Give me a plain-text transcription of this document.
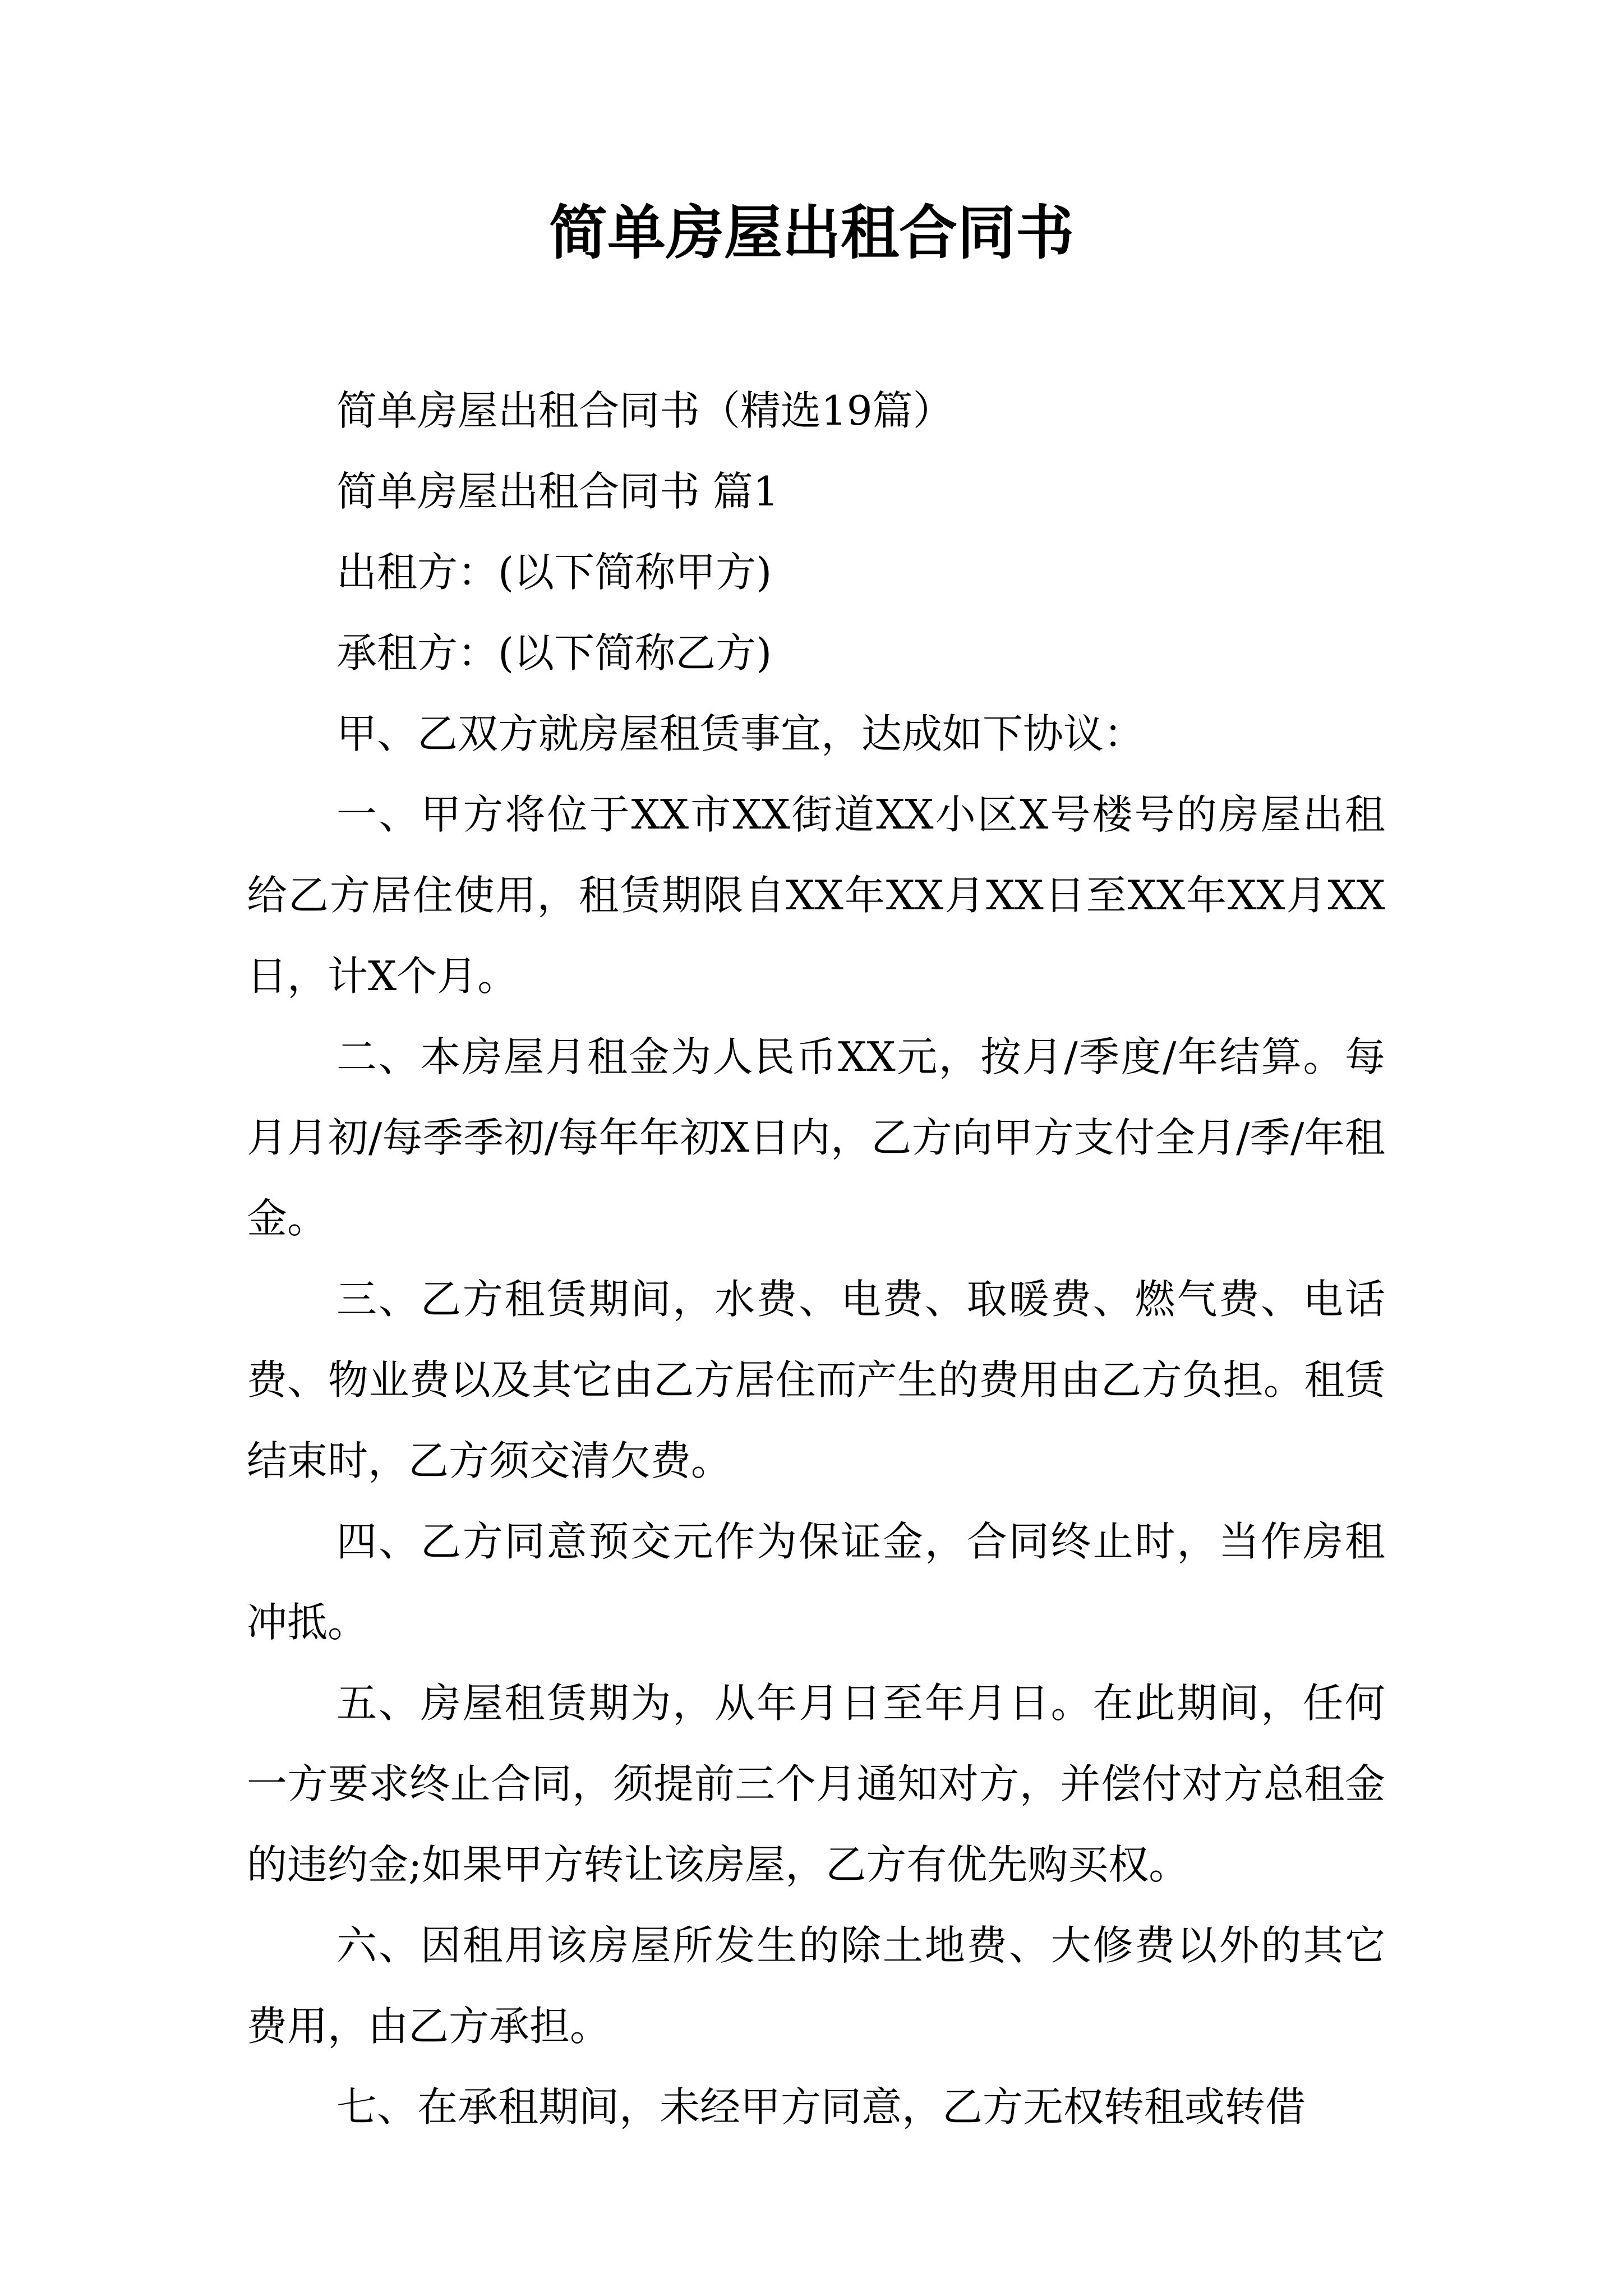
简单房屋出租合同书

简单房屋出租合同书（精选19篇）

简单房屋出租合同书 篇1

出租方：(以下简称甲方)

承租方：(以下简称乙方)

甲、乙双方就房屋租赁事宜，达成如下协议：

一、甲方将位于XX市XX街道XX小区X号楼号的房屋出租给乙方居住使用，租赁期限自XX年XX月XX日至XX年XX月XX日，计X个月。

二、本房屋月租金为人民币XX元，按月/季度/年结算。每月月初/每季季初/每年年初X日内，乙方向甲方支付全月/季/年租金。

三、乙方租赁期间，水费、电费、取暖费、燃气费、电话费、物业费以及其它由乙方居住而产生的费用由乙方负担。租赁结束时，乙方须交清欠费。

四、乙方同意预交元作为保证金，合同终止时，当作房租冲抵。

五、房屋租赁期为，从年月日至年月日。在此期间，任何一方要求终止合同，须提前三个月通知对方，并偿付对方总租金的违约金;如果甲方转让该房屋，乙方有优先购买权。

六、因租用该房屋所发生的除土地费、大修费以外的其它费用，由乙方承担。

七、在承租期间，未经甲方同意，乙方无权转租或转借
